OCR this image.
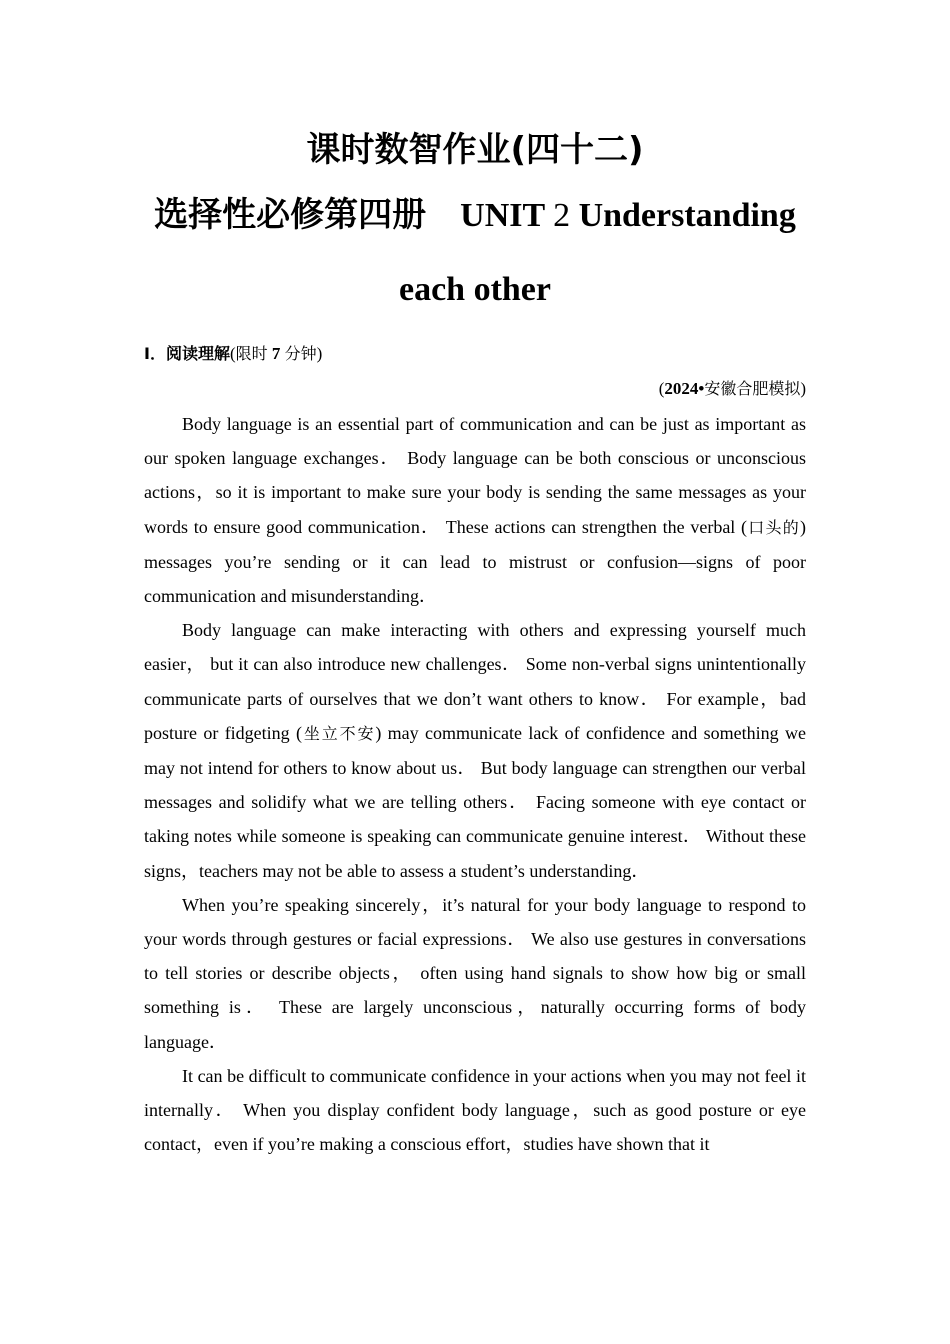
课时数智作业(四十二)
选择性必修第四册 UNIT 2 Understanding
each other
Ⅰ．阅读理解(限时 7 分钟)
(2024•安徽合肥模拟)

Body language is an essential part of communication and can be just as important as our spoken language exchanges． Body language can be both conscious or unconscious actions，so it is important to make sure your body is sending the same messages as your words to ensure good communication． These actions can strengthen the verbal (口头的) messages you’re sending or it can lead to mistrust or confusion—signs of poor communication and misunderstanding．

Body language can make interacting with others and expressing yourself much easier， but it can also introduce new challenges． Some non-verbal signs unintentionally communicate parts of ourselves that we don’t want others to know． For example，bad posture or fidgeting (坐立不安) may communicate lack of confidence and something we may not intend for others to know about us． But body language can strengthen our verbal messages and solidify what we are telling others． Facing someone with eye contact or taking notes while someone is speaking can communicate genuine interest． Without these signs，teachers may not be able to assess a student’s understanding．

When you’re speaking sincerely，it’s natural for your body language to respond to your words through gestures or facial expressions． We also use gestures in conversations to tell stories or describe objects， often using hand signals to show how big or small something is． These are largely unconscious，naturally occurring forms of body language．

It can be difficult to communicate confidence in your actions when you may not feel it internally． When you display confident body language，such as good posture or eye contact，even if you’re making a conscious effort，studies have shown that it
